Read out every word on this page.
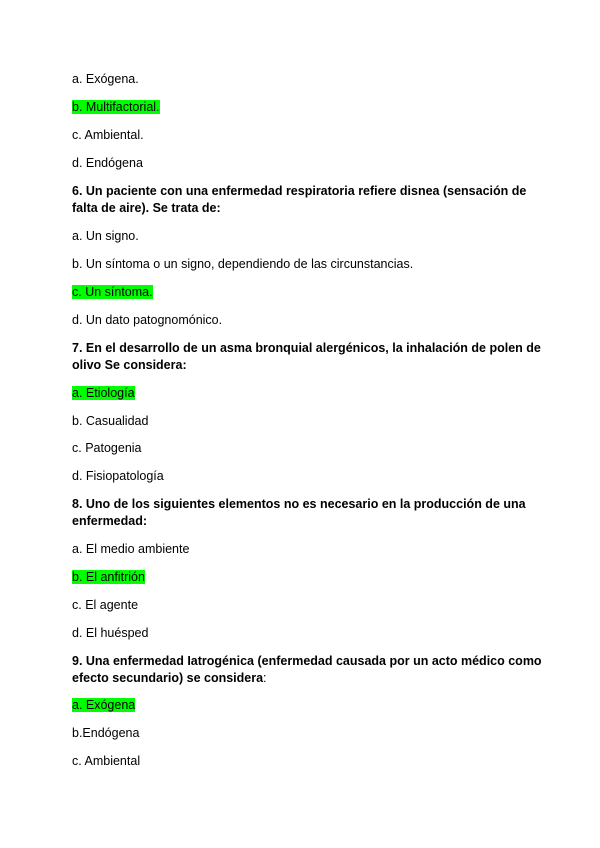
a. Exógena.
b. Multifactorial.
c. Ambiental.
d. Endógena
6. Un paciente con una enfermedad respiratoria refiere disnea (sensación de
falta de aire). Se trata de:
a. Un signo.
b. Un síntoma o un signo, dependiendo de las circunstancias.
c. Un síntoma.
d. Un dato patognomónico.
7. En el desarrollo de un asma bronquial alergénicos, la inhalación de polen de
olivo Se considera:
a. Etiología
b. Casualidad
c. Patogenia
d. Fisiopatología
8. Uno de los siguientes elementos no es necesario en la producción de una
enfermedad:
a. El medio ambiente
b. El anfitrión
c. El agente
d. El huésped
9. Una enfermedad Iatrogénica (enfermedad causada por un acto médico como
efecto secundario) se considera:
a. Exógena
b.Endógena
c. Ambiental
